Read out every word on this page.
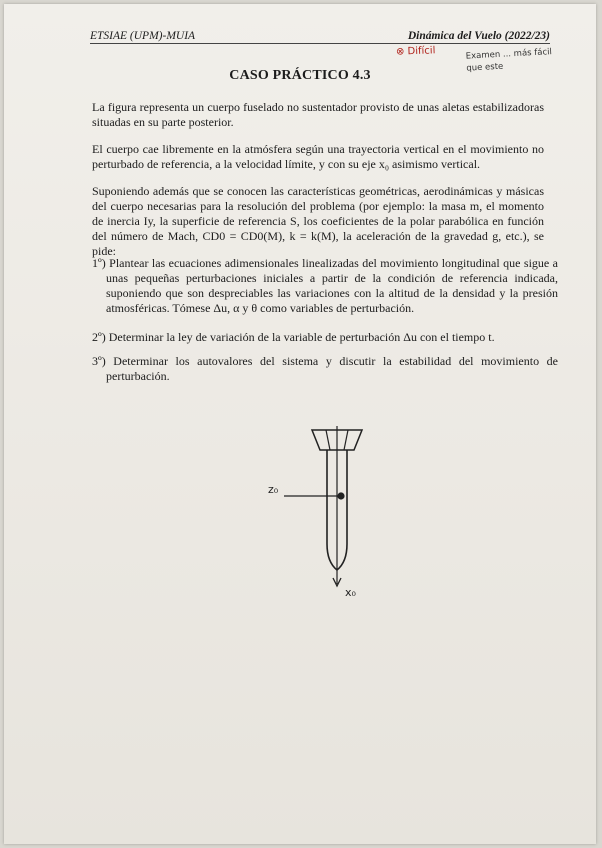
ETSIAE (UPM)-MUIA	Dinámica del Vuelo (2022/23)
⊗ Difícil	Examen ... más fácil que este
CASO PRÁCTICO 4.3

La figura representa un cuerpo fuselado no sustentador provisto de unas aletas estabilizadoras situadas en su parte posterior.

El cuerpo cae libremente en la atmósfera según una trayectoria vertical en el movimiento no perturbado de referencia, a la velocidad límite, y con su eje x₀ asimismo vertical.

Suponiendo además que se conocen las características geométricas, aerodinámicas y másicas del cuerpo necesarias para la resolución del problema (por ejemplo: la masa m, el momento de inercia Iy, la superficie de referencia S, los coeficientes de la polar parabólica en función del número de Mach, CD0 = CD0(M), k = k(M), la aceleración de la gravedad g, etc.), se pide:

1º) Plantear las ecuaciones adimensionales linealizadas del movimiento longitudinal que sigue a unas pequeñas perturbaciones iniciales a partir de la condición de referencia indicada, suponiendo que son despreciables las variaciones con la altitud de la densidad y la presión atmosféricas. Tómese Δu, α y θ como variables de perturbación.

2º) Determinar la ley de variación de la variable de perturbación Δu con el tiempo t.

3º) Determinar los autovalores del sistema y discutir la estabilidad del movimiento de perturbación.

z₀
x₀
